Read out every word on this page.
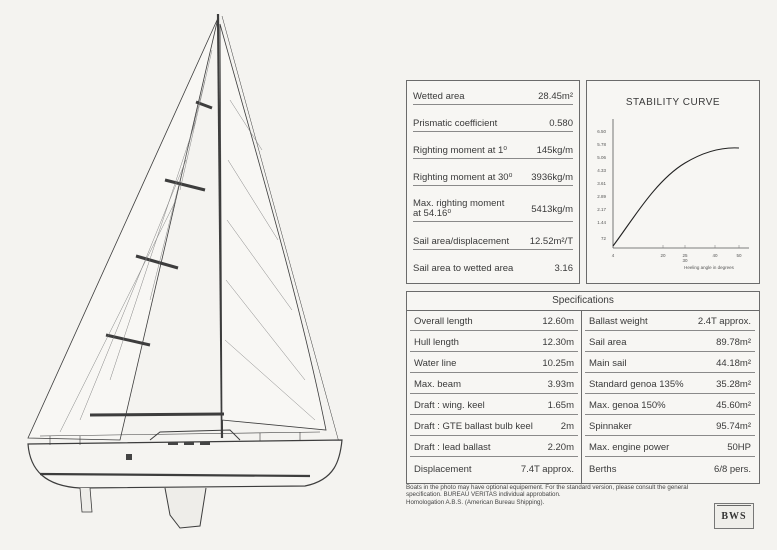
Wetted area	28.45m²
Prismatic coefficient	0.580
Righting moment at 1⁰	145kg/m
Righting moment at 30⁰ 3936kg/m
Max. righting moment at 54.16⁰	5413kg/m
Sail area/displacement 12.52m²/T
Sail area to wetted area	3.16
STABILITY CURVE
6.50
5.78
5.06
4.33
3.61
2.89
2.17
1.44
72
4	20	25
30
40	50
Heeling angle in degrees
Specifications
Overall length	12.60m
Hull length	12.30m
Water line	10.25m
Max. beam	3.93m
Draft : wing. keel	1.65m
Draft : GTE ballast bulb keel	2m
Draft : lead ballast	2.20m
Displacement	7.4T approx.
Ballast weight	2.4T approx.
Sail area	89.78m²
Main sail	44.18m²
Standard genoa 135%	35.28m²
Max. genoa 150%	45.60m²
Spinnaker	95.74m²
Max. engine power	50HP
Berths	6/8 pers.
Boats in the photo may have optional equipement. For the standard version, please consult the general
specification. BUREAU VERITAS individual approbation.
Homologation A.B.S. (American Bureau Shipping).
BWS
